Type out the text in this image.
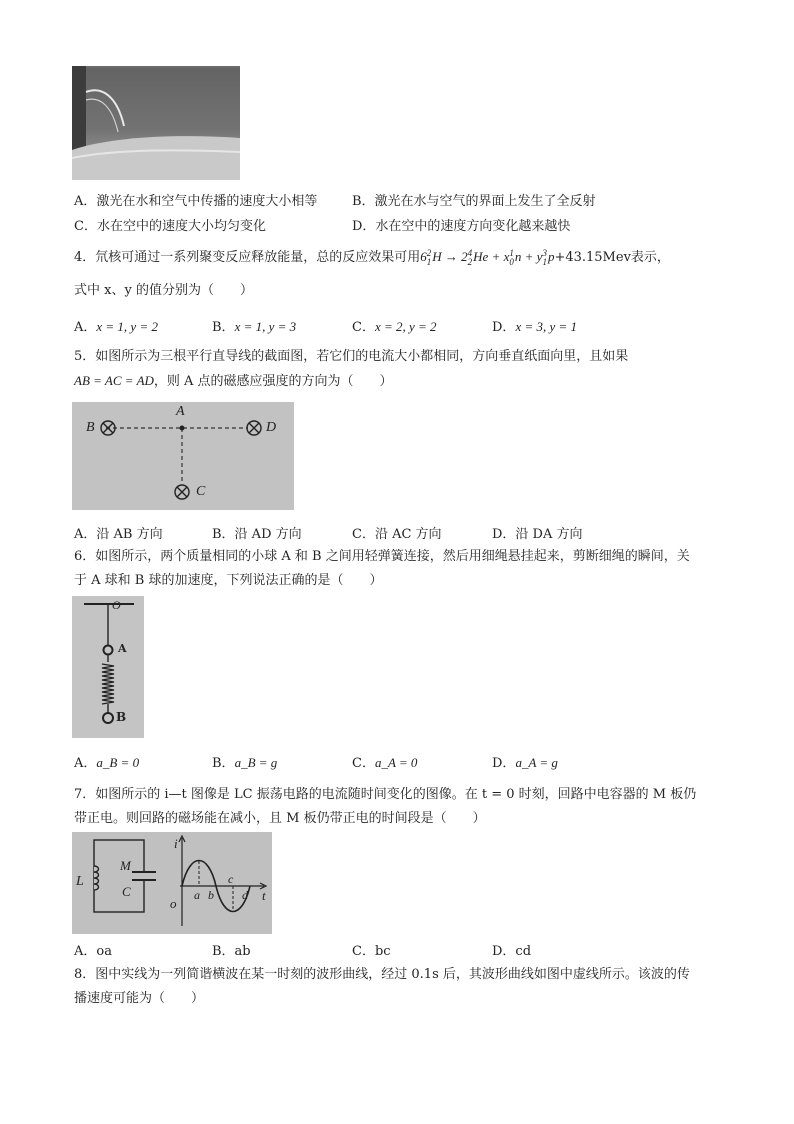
A．激光在水和空气中传播的速度大小相等	B．激光在水与空气的界面上发生了全反射
C．水在空中的速度大小均匀变化	D．水在空中的速度方向变化越来越快
4．氘核可通过一系列聚变反应释放能量，总的反应效果可用62
1H → 24
2He + x1
0n + y3
1p+43.15Mev表示，
式中 x、y 的值分别为（　　）
A．x = 1, y = 2	B．x = 1, y = 3	C．x = 2, y = 2	D．x = 3, y = 1
5．如图所示为三根平行直导线的截面图，若它们的电流大小都相同，方向垂直纸面向里，且如果
AB = AC = AD，则 A 点的磁感应强度的方向为（　　）
B
A
D
C
A．沿 AB 方向	B．沿 AD 方向	C．沿 AC 方向	D．沿 DA 方向
6．如图所示，两个质量相同的小球 A 和 B 之间用轻弹簧连接，然后用细绳悬挂起来，剪断细绳的瞬间，关
于 A 球和 B 球的加速度，下列说法正确的是（　　）
O
A
B
A．a_B = 0	B．a_B = g	C．a_A = 0	D．a_A = g
7．如图所示的 i—t 图像是 LC 振荡电路的电流随时间变化的图像。在 t = 0 时刻，回路中电容器的 M 板仍
带正电。则回路的磁场能在减小，且 M 板仍带正电的时间段是（　　）
L
M
C
i
t
o
a b
c
d
A．oa	B．ab	C．bc	D．cd
8．图中实线为一列简谐横波在某一时刻的波形曲线，经过 0.1s 后，其波形曲线如图中虚线所示。该波的传
播速度可能为（　　）
